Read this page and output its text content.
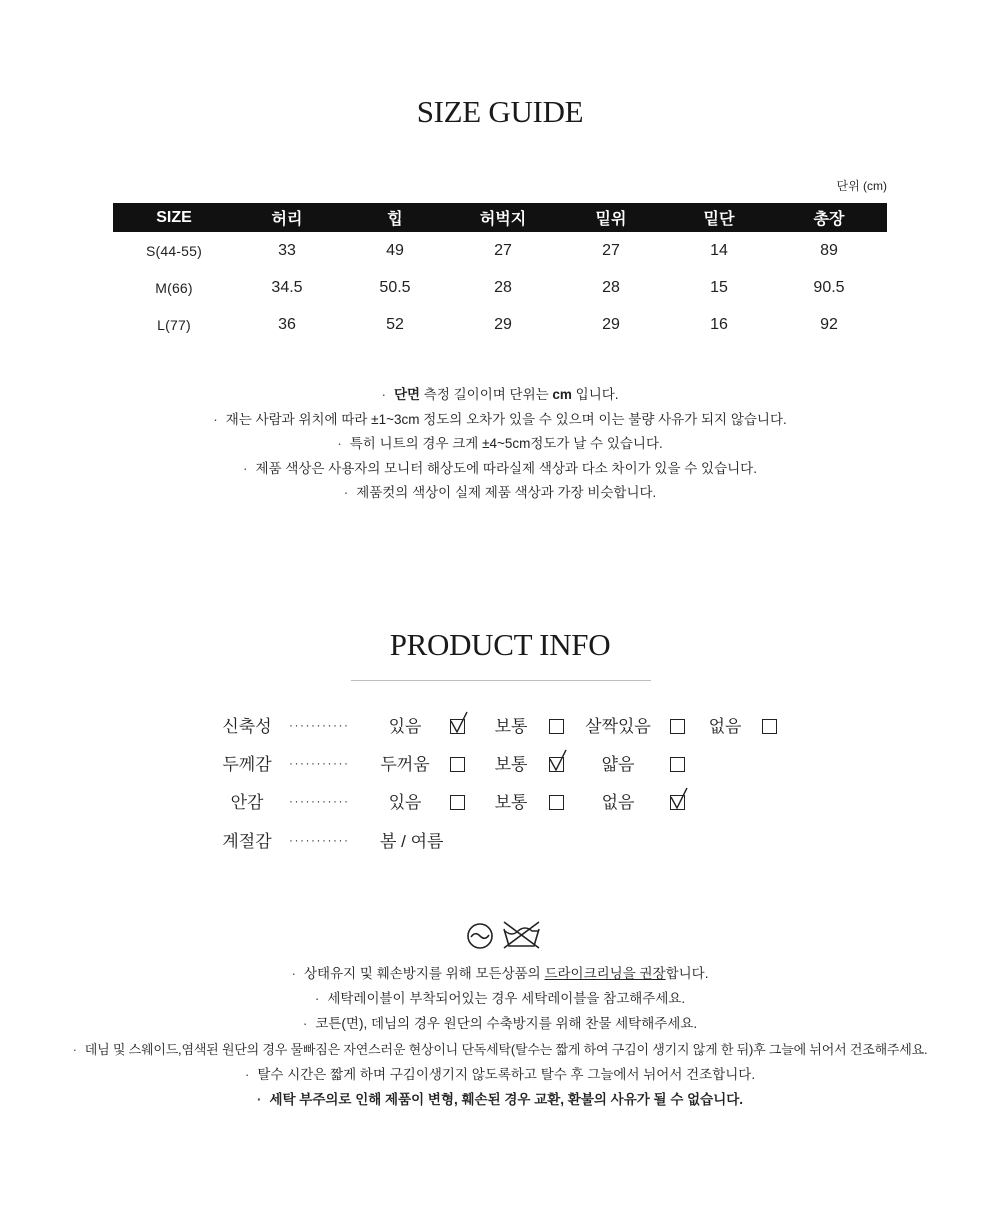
SIZE GUIDE
단위 (cm)
SIZE	허리	힙	허벅지	밑위	밑단	총장
S(44-55)	33	49	27	27	14	89
M(66)	34.5	50.5	28	28	15	90.5
L(77)	36	52	29	29	16	92
· 단면 측정 길이이며 단위는 cm 입니다.
· 재는 사람과 위치에 따라 ±1~3cm 정도의 오차가 있을 수 있으며 이는 불량 사유가 되지 않습니다.
· 특히 니트의 경우 크게 ±4~5cm정도가 날 수 있습니다.
· 제품 색상은 사용자의 모니터 해상도에 따라실제 색상과 다소 차이가 있을 수 있습니다.
· 제품컷의 색상이 실제 제품 색상과 가장 비슷합니다.
PRODUCT INFO
신축성	···········	있음	보통	살짝있음	없음
두께감	··········· 두꺼움	보통	얇음
안감	···········	있음	보통	없음
계절감	··········· 봄 / 여름
· 상태유지 및 훼손방지를 위해 모든상품의 드라이크리닝을 권장합니다.
· 세탁레이블이 부착되어있는 경우 세탁레이블을 참고해주세요.
· 코튼(면), 데님의 경우 원단의 수축방지를 위해 찬물 세탁해주세요.
· 데님 및 스웨이드,염색된 원단의 경우 물빠짐은 자연스러운 현상이니 단독세탁(탈수는 짧게 하여 구김이 생기지 않게 한 뒤)후 그늘에 뉘어서 건조해주세요.
· 탈수 시간은 짧게 하며 구김이생기지 않도록하고 탈수 후 그늘에서 뉘어서 건조합니다.
· 세탁 부주의로 인해 제품이 변형, 훼손된 경우 교환, 환불의 사유가 될 수 없습니다.
